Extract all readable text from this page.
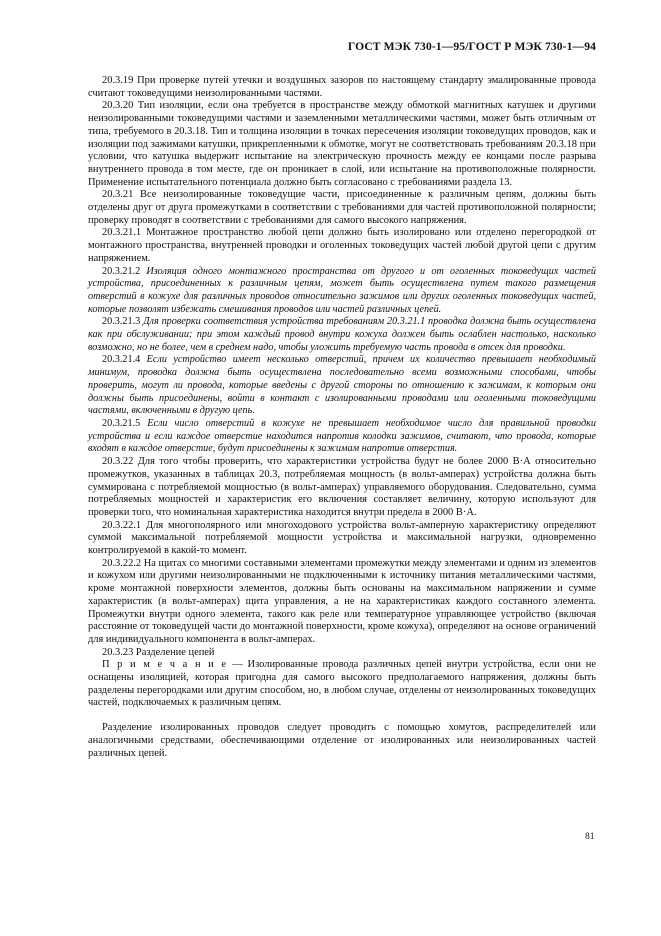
ГОСТ МЭК 730-1—95/ГОСТ Р МЭК 730-1—94

20.3.19 При проверке путей утечки и воздушных зазоров по настоящему стандарту эмалированные провода считают токоведущими неизолированными частями.

20.3.20 Тип изоляции, если она требуется в пространстве между обмоткой магнитных катушек и другими неизолированными токоведущими частями и заземленными металлическими частями, может быть отличным от типа, требуемого в 20.3.18. Тип и толщина изоляции в точках пересечения изоляции токоведущих проводов, как и изоляции под зажимами катушки, прикрепленными к обмотке, могут не соответствовать требованиям 20.3.18 при условии, что катушка выдержит испытание на электрическую прочность между ее концами после разрыва внутреннего провода в том месте, где он проникает в слой, или испытание на противоположные полярности. Применение испытательного потенциала должно быть согласовано с требованиями раздела 13.

20.3.21 Все неизолированные токоведущие части, присоединенные к различным цепям, должны быть отделены друг от друга промежутками в соответствии с требованиями для частей противоположной полярности; проверку проводят в соответствии с требованиями для самого высокого напряжения.

20.3.21.1 Монтажное пространство любой цепи должно быть изолировано или отделено перегородкой от монтажного пространства, внутренней проводки и оголенных токоведущих частей любой другой цепи с другим напряжением.

20.3.21.2 Изоляция одного монтажного пространства от другого и от оголенных токоведущих частей устройства, присоединенных к различным цепям, может быть осуществлена путем такого размещения отверстий в кожухе для различных проводов относительно зажимов или других оголенных токоведущих частей, которые позволят избежать смешивания проводов или частей различных цепей.

20.3.21.3 Для проверки соответствия устройства требованиям 20.3.21.1 проводка должна быть осуществлена как при обслуживании; при этом каждый провод внутри кожуха должен быть ослаблен настолько, насколько возможно, но не более, чем в среднем надо, чтобы уложить требуемую часть провода в отсек для проводки.

20.3.21.4 Если устройство имеет несколько отверстий, причем их количество превышает необходимый минимум, проводка должна быть осуществлена последовательно всеми возможными способами, чтобы проверить, могут ли провода, которые введены с другой стороны по отношению к зажимам, к которым они должны быть присоединены, войти в контакт с изолированными проводами или оголенными токоведущими частями, включенными в другую цепь.

20.3.21.5 Если число отверстий в кожухе не превышает необходимое число для правильной проводки устройства и если каждое отверстие находится напротив колодки зажимов, считают, что провода, которые входят в каждое отверстие, будут присоединены к зажимам напротив отверстия.

20.3.22 Для того чтобы проверить, что характеристики устройства будут не более 2000 В·А относительно промежутков, указанных в таблицах 20.3, потребляемая мощность (в вольт-амперах) устройства должна быть суммирована с потребляемой мощностью (в вольт-амперах) управляемого оборудования. Следовательно, сумма потребляемых мощностей и характеристик его включения составляет величину, которую используют для проверки того, что номинальная характеристика находится внутри предела в 2000 В·А.

20.3.22.1 Для многополярного или многоходового устройства вольт-амперную характеристику определяют суммой максимальной потребляемой мощности устройства и максимальной нагрузки, одновременно контролируемой в какой-то момент.

20.3.22.2 На щитах со многими составными элементами промежутки между элементами и одним из элементов и кожухом или другими неизолированными не подключенными к источнику питания металлическими частями, кроме монтажной поверхности элементов, должны быть основаны на максимальном напряжении и сумме характеристик (в вольт-амперах) щита управления, а не на характеристиках каждого составного элемента. Промежутки внутри одного элемента, такого как реле или температурное управляющее устройство (включая расстояние от токоведущей части до монтажной поверхности, кроме кожуха), определяют на основе ограничений для индивидуального компонента в вольт-амперах.

20.3.23 Разделение цепей

П р и м е ч а н и е — Изолированные провода различных цепей внутри устройства, если они не оснащены изоляцией, которая пригодна для самого высокого предполагаемого напряжения, должны быть разделены перегородками или другим способом, но, в любом случае, отделены от неизолированных токоведущих частей, подключаемых к различным цепям.

Разделение изолированных проводов следует проводить с помощью хомутов, распределителей или аналогичными средствами, обеспечивающими отделение от изолированных или неизолированных частей различных цепей.

81
